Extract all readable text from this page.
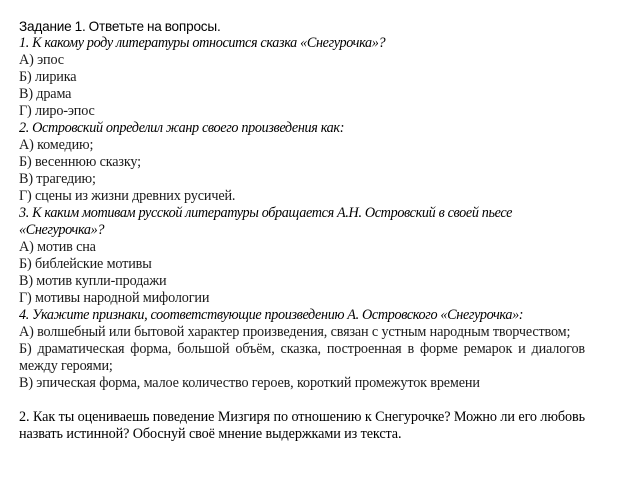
Задание 1. Ответьте на вопросы.
1. К какому роду литературы относится сказка «Снегурочка»?
А) эпос
Б) лирика
В) драма
Г) лиро-эпос
2. Островский определил жанр своего произведения как:
А) комедию;
Б) весеннюю сказку;
В) трагедию;
Г) сцены из жизни древних русичей.
3. К каким мотивам русской литературы обращается А.Н. Островский в своей пьесе
«Снегурочка»?
А) мотив сна
Б) библейские мотивы
В) мотив купли-продажи
Г) мотивы народной мифологии
4. Укажите признаки, соответствующие произведению А. Островского «Снегурочка»:
А) волшебный или бытовой характер произведения, связан с устным народным творчеством;
Б) драматическая форма, большой объём, сказка, построенная в форме ремарок и диалогов между героями;
В) эпическая форма, малое количество героев, короткий промежуток времени
2. Как ты оцениваешь поведение Мизгиря по отношению к Снегурочке? Можно ли его любовь назвать истинной? Обоснуй своё мнение выдержками из текста.
